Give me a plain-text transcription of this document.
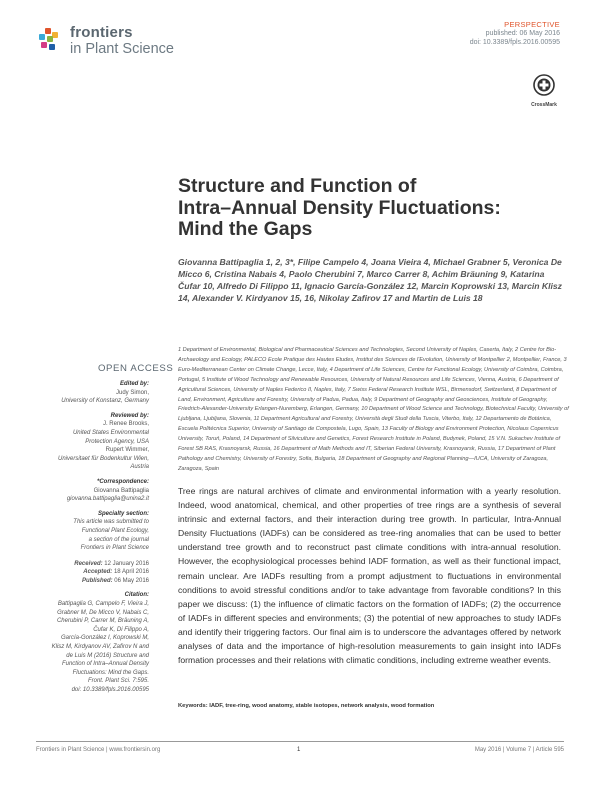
frontiers
in Plant Science
PERSPECTIVE
published: 06 May 2016
doi: 10.3389/fpls.2016.00595
CrossMark
Structure and Function of
Intra–Annual Density Fluctuations:
Mind the Gaps
Giovanna Battipaglia 1, 2, 3*, Filipe Campelo 4, Joana Vieira 4, Michael Grabner 5, Veronica De Micco 6, Cristina Nabais 4, Paolo Cherubini 7, Marco Carrer 8, Achim Bräuning 9, Katarina Čufar 10, Alfredo Di Filippo 11, Ignacio García-González 12, Marcin Koprowski 13, Marcin Klisz 14, Alexander V. Kirdyanov 15, 16, Nikolay Zafirov 17 and Martin de Luis 18
1 Department of Environmental, Biological and Pharmaceutical Sciences and Technologies, Second University of Naples, Caserta, Italy, 2 Centre for Bio-Archaeology and Ecology, PALECO Ecole Pratique des Hautes Etudes, Institut des Sciences de l'Evolution, University of Montpellier 2, Montpellier, France, 3 Euro-Mediterranean Center on Climate Change, Lecce, Italy, 4 Department of Life Sciences, Centre for Functional Ecology, University of Coimbra, Coimbra, Portugal, 5 Institute of Wood Technology and Renewable Resources, University of Natural Resources and Life Sciences, Vienna, Austria, 6 Department of Agricultural Sciences, University of Naples Federico II, Naples, Italy, 7 Swiss Federal Research Institute WSL, Birmensdorf, Switzerland, 8 Department of Land, Environment, Agriculture and Forestry, University of Padua, Padua, Italy, 9 Department of Geography and Geosciences, Institute of Geography, Friedrich-Alexander-University Erlangen-Nuremberg, Erlangen, Germany, 10 Department of Wood Science and Technology, Biotechnical Faculty, University of Ljubljana, Ljubljana, Slovenia, 11 Department Agricultural and Forestry, Università degli Studi della Tuscia, Viterbo, Italy, 12 Departamento de Botánica, Escuela Politécnica Superior, University of Santiago de Compostela, Lugo, Spain, 13 Faculty of Biology and Environment Protection, Nicolaus Copernicus University, Toruń, Poland, 14 Department of Silviculture and Genetics, Forest Research Institute in Poland, Budynek, Poland, 15 V.N. Sukachev Institute of Forest SB RAS, Krasnoyarsk, Russia, 16 Department of Math Methods and IT, Siberian Federal University, Krasnoyarsk, Russia, 17 Department of Plant Pathology and Chemistry, University of Forestry, Sofia, Bulgaria, 18 Department of Geography and Regional Planning—IUCA, University of Zaragoza, Zaragoza, Spain
OPEN ACCESS
Edited by:
Judy Simon,
University of Konstanz, Germany
Reviewed by:
J. Renee Brooks,
United States Environmental
Protection Agency, USA
Rupert Wimmer,
Universitaet für Bodenkultur Wien,
Austria
*Correspondence:
Giovanna Battipaglia
giovanna.battipaglia@unina2.it
Specialty section:
This article was submitted to
Functional Plant Ecology,
a section of the journal
Frontiers in Plant Science
Received: 12 January 2016
Accepted: 18 April 2016
Published: 06 May 2016
Citation:
Battipaglia G, Campelo F, Vieira J,
Grabner M, De Micco V, Nabais C,
Cherubini P, Carrer M, Bräuning A,
Čufar K, Di Filippo A,
García-González I, Koprowski M,
Klisz M, Kirdyanov AV, Zafirov N and
de Luis M (2016) Structure and
Function of Intra–Annual Density
Fluctuations: Mind the Gaps.
Front. Plant Sci. 7:595.
doi: 10.3389/fpls.2016.00595
Tree rings are natural archives of climate and environmental information with a yearly resolution. Indeed, wood anatomical, chemical, and other properties of tree rings are a synthesis of several intrinsic and external factors, and their interaction during tree growth. In particular, Intra-Annual Density Fluctuations (IADFs) can be considered as tree-ring anomalies that can be used to better understand tree growth and to reconstruct past climate conditions with intra-annual resolution. However, the ecophysiological processes behind IADF formation, as well as their functional impact, remain unclear. Are IADFs resulting from a prompt adjustment to fluctuations in environmental conditions to avoid stressful conditions and/or to take advantage from favorable conditions? In this paper we discuss: (1) the influence of climatic factors on the formation of IADFs; (2) the occurrence of IADFs in different species and environments; (3) the potential of new approaches to study IADFs and identify their triggering factors. Our final aim is to underscore the advantages offered by network analyses of data and the importance of high-resolution measurements to gain insight into IADFs formation processes and their relations with climatic conditions, including extreme weather events.
Keywords: IADF, tree-ring, wood anatomy, stable isotopes, network analysis, wood formation
Frontiers in Plant Science | www.frontiersin.org	1	May 2016 | Volume 7 | Article 595
